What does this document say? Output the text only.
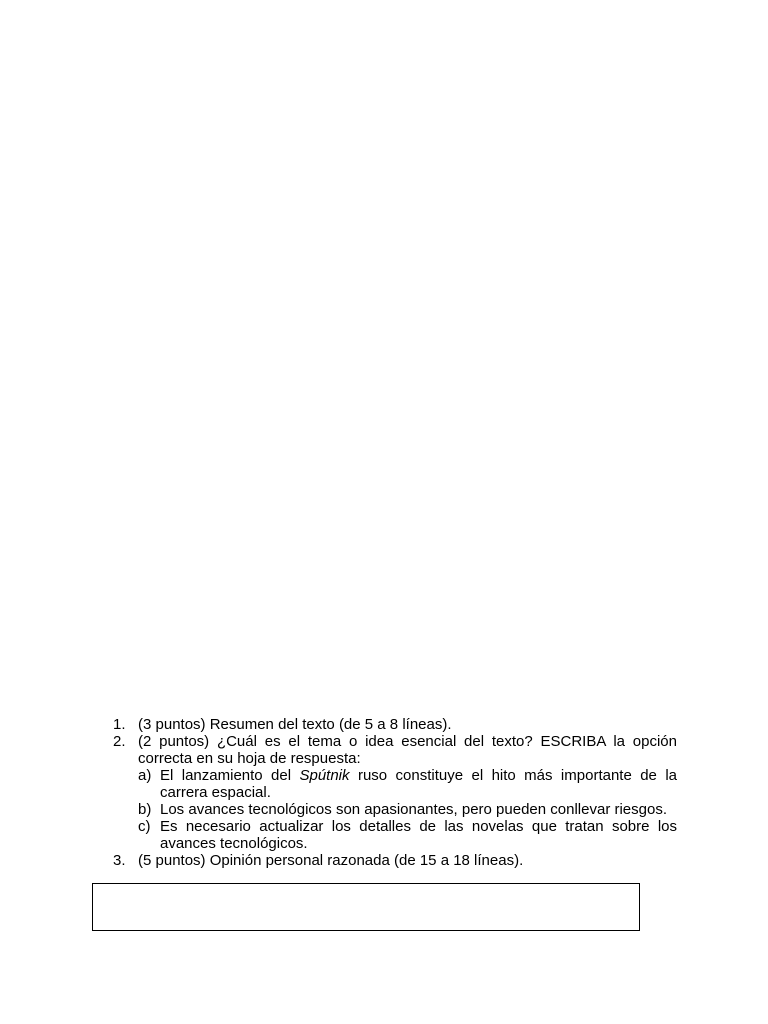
1. (3 puntos) Resumen del texto (de 5 a 8 líneas).
2. (2 puntos) ¿Cuál es el tema o idea esencial del texto? ESCRIBA la opción correcta en su hoja de respuesta:
a) El lanzamiento del Spútnik ruso constituye el hito más importante de la carrera espacial.
b) Los avances tecnológicos son apasionantes, pero pueden conllevar riesgos.
c) Es necesario actualizar los detalles de las novelas que tratan sobre los avances tecnológicos.
3. (5 puntos) Opinión personal razonada (de 15 a 18 líneas).
